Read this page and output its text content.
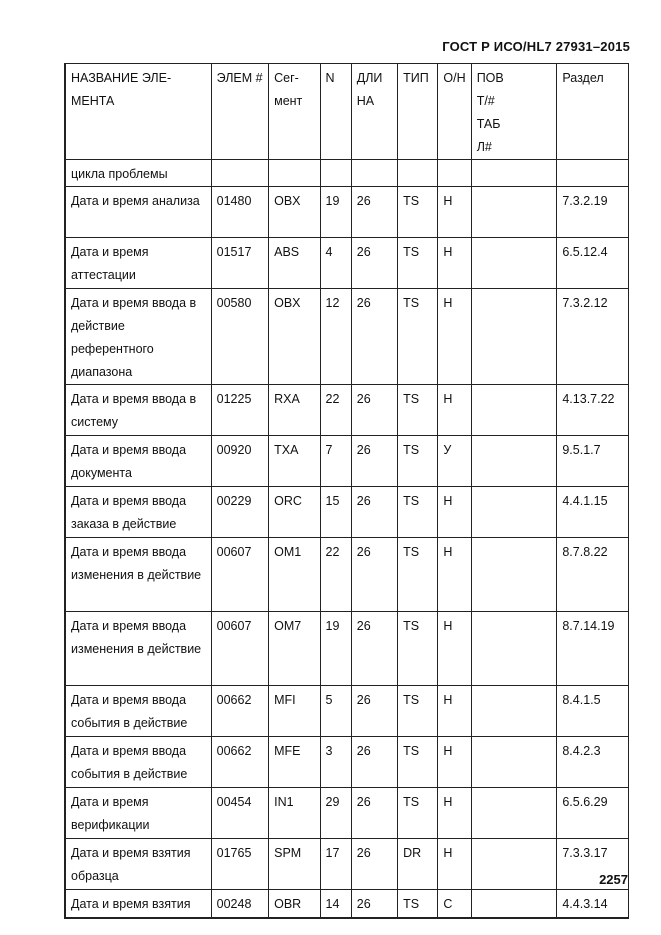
ГОСТ Р ИСО/HL7 27931–2015
НАЗВАНИЕ ЭЛЕ-МЕНТА	ЭЛЕМ #	Сег-мент	N	ДЛИ НА	ТИП	О/Н	ПОВ Т/#ТАБ Л#	Раздел
цикла проблемы								
Дата и время анализа	01480	OBX	19	26	TS	Н		7.3.2.19
Дата и время аттестации	01517	ABS	4	26	TS	Н		6.5.12.4
Дата и время ввода в действие референтного диапазона	00580	OBX	12	26	TS	Н		7.3.2.12
Дата и время ввода в систему	01225	RXA	22	26	TS	Н		4.13.7.22
Дата и время ввода документа	00920	TXA	7	26	TS	У		9.5.1.7
Дата и время ввода заказа в действие	00229	ORC	15	26	TS	Н		4.4.1.15
Дата и время ввода изменения в действие	00607	OM1	22	26	TS	Н		8.7.8.22
Дата и время ввода изменения в действие	00607	OM7	19	26	TS	Н		8.7.14.19
Дата и время ввода события в действие	00662	MFI	5	26	TS	Н		8.4.1.5
Дата и время ввода события в действие	00662	MFE	3	26	TS	Н		8.4.2.3
Дата и время верификации	00454	IN1	29	26	TS	Н		6.5.6.29
Дата и время взятия образца	01765	SPM	17	26	DR	Н		7.3.3.17
Дата и время взятия	00248	OBR	14	26	TS	С		4.4.3.14
2257
